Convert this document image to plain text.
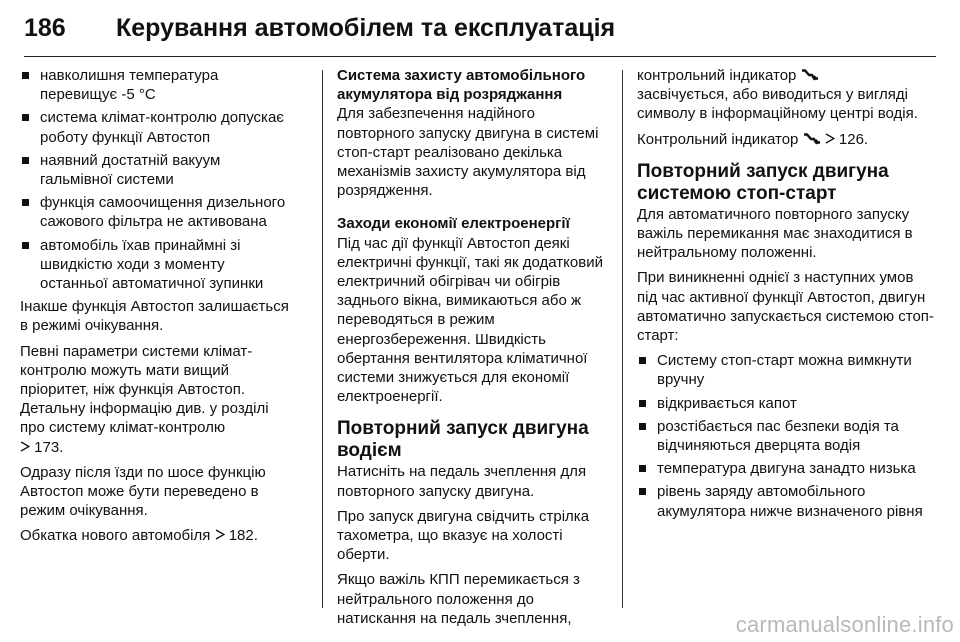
186	Керування автомобілем та експлуатація
навколишня температура перевищує -5 °C
система клімат-контролю допускає роботу функції Автостоп
наявний достатній вакуум гальмівної системи
функція самоочищення дизельного сажового фільтра не активована
автомобіль їхав принаймні зі швидкістю ходи з моменту останньої автоматичної зупинки

Інакше функція Автостоп залишається в режимі очікування.

Певні параметри системи клімат-контролю можуть мати вищий пріоритет, ніж функція Автостоп. Детальну інформацію див. у розділі про систему клімат-контролю
173.

Одразу після їзди по шосе функцію Автостоп може бути переведено в режим очікування.

Обкатка нового автомобіля 182.

Система захисту автомобільного акумулятора від розряджання

Для забезпечення надійного повторного запуску двигуна в системі стоп-старт реалізовано декілька механізмів захисту акумулятора від розрядження.

Заходи економії електроенергії

Під час дії функції Автостоп деякі електричні функції, такі як додатковий електричний обігрівач чи обігрів заднього вікна, вимикаються або ж переводяться в режим енергозбереження. Швидкість обертання вентилятора кліматичної системи знижується для економії електроенергії.

Повторний запуск двигуна водієм

Натисніть на педаль зчеплення для повторного запуску двигуна.

Про запуск двигуна свідчить стрілка тахометра, що вказує на холості оберти.

Якщо важіль КПП перемикається з нейтрального положення до натискання на педаль зчеплення,

контрольний індикатор
засвічується, або виводиться у вигляді символу в інформаційному центрі водія.

Контрольний індикатор	126.

Повторний запуск двигуна системою стоп-старт

Для автоматичного повторного запуску важіль перемикання має знаходитися в нейтральному положенні.

При виникненні однієї з наступних умов під час активної функції Автостоп, двигун автоматично запускається системою стоп-старт:

Систему стоп-старт можна вимкнути вручну
відкривається капот
розстібається пас безпеки водія та відчиняються дверцята водія
температура двигуна занадто низька
рівень заряду автомобільного акумулятора нижче визначеного рівня
carmanualsonline.info
